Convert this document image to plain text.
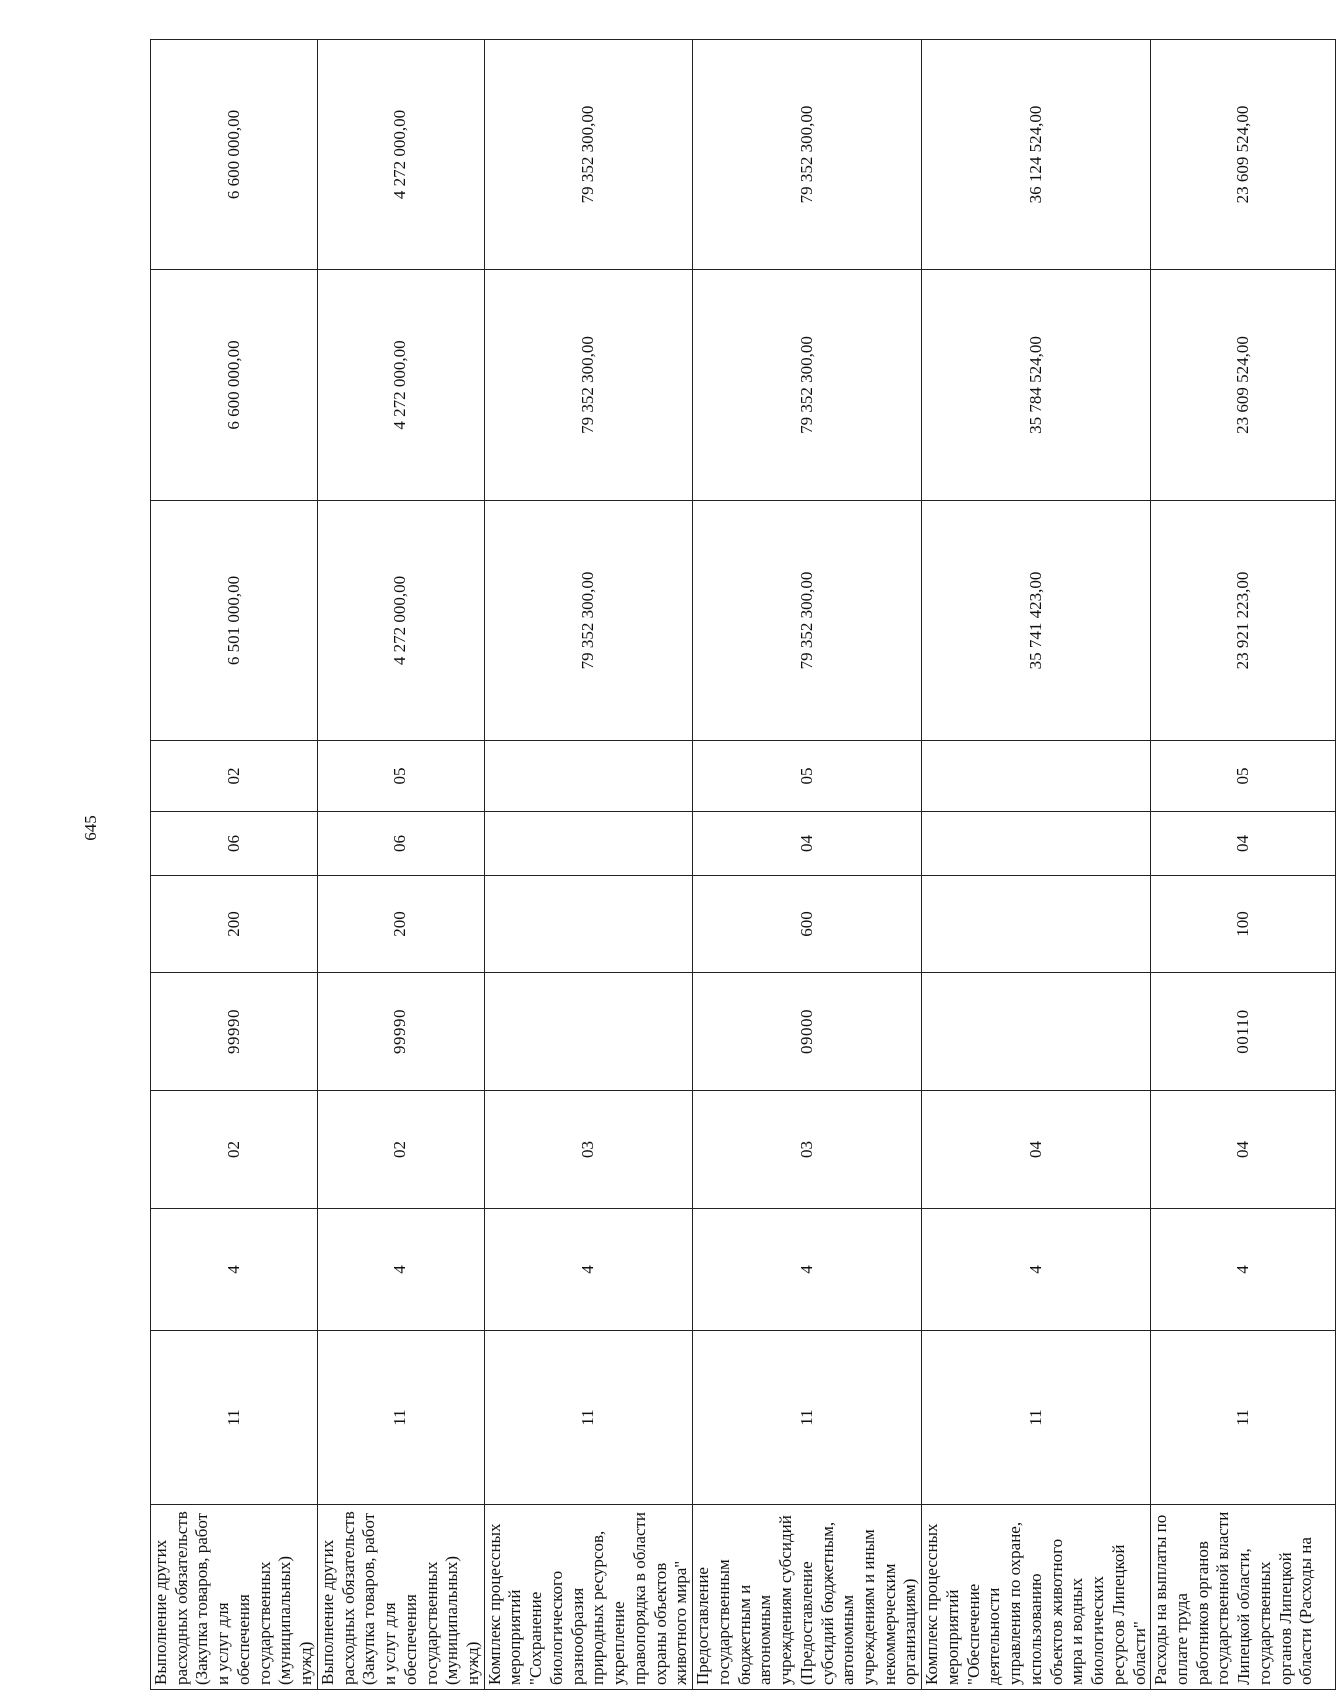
645
Выполнение других расходных обязательств (Закупка товаров, работ и услуг для обеспечения государственных (муниципальных) нужд)	11	4	02	99990	200	06	02	6 501 000,00	6 600 000,00	6 600 000,00
Выполнение других расходных обязательств (Закупка товаров, работ и услуг для обеспечения государственных (муниципальных) нужд)	11	4	02	99990	200	06	05	4 272 000,00	4 272 000,00	4 272 000,00
Комплекс процессных мероприятий "Сохранение биологического разнообразия природных ресурсов, укрепление правопорядка в области охраны объектов животного мира"	11	4	03					79 352 300,00	79 352 300,00	79 352 300,00
Предоставление государственным бюджетным и автономным учреждениям субсидий (Предоставление субсидий бюджетным, автономным учреждениям и иным некоммерческим организациям)	11	4	03	09000	600	04	05	79 352 300,00	79 352 300,00	79 352 300,00
Комплекс процессных мероприятий "Обеспечение деятельности управления по охране, использованию объектов животного мира и водных биологических ресурсов Липецкой области"	11	4	04					35 741 423,00	35 784 524,00	36 124 524,00
Расходы на выплаты по оплате труда работников органов государственной власти Липецкой области, государственных органов Липецкой области (Расходы на	11	4	04	00110	100	04	05	23 921 223,00	23 609 524,00	23 609 524,00
